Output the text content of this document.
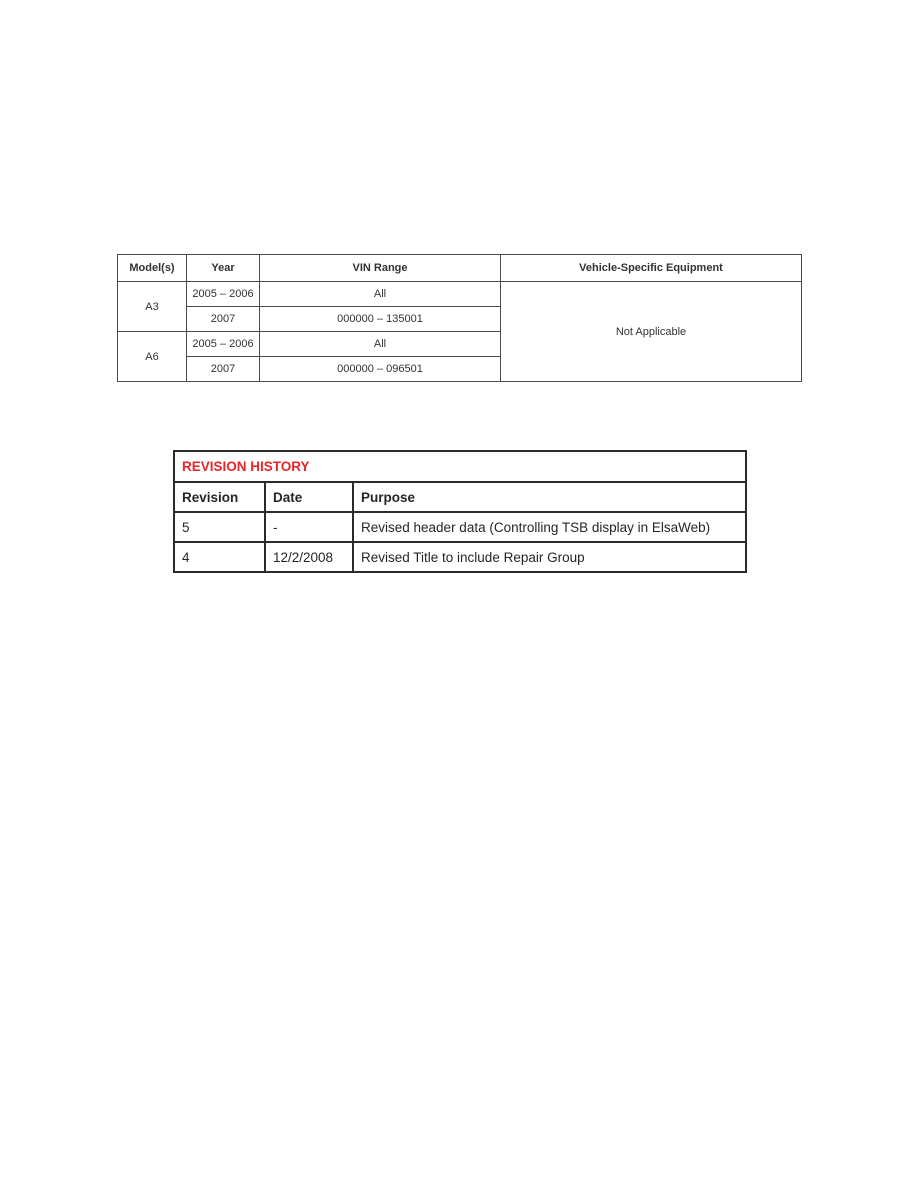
Model(s)	Year	VIN Range	Vehicle-Specific Equipment
A3	2005 – 2006	All	Not Applicable
	2007	000000 – 135001	
A6	2005 – 2006	All	
	2007	000000 – 096501	
REVISION HISTORY		
Revision	Date	Purpose
5	-	Revised header data (Controlling TSB display in ElsaWeb)
4	12/2/2008	Revised Title to include Repair Group
